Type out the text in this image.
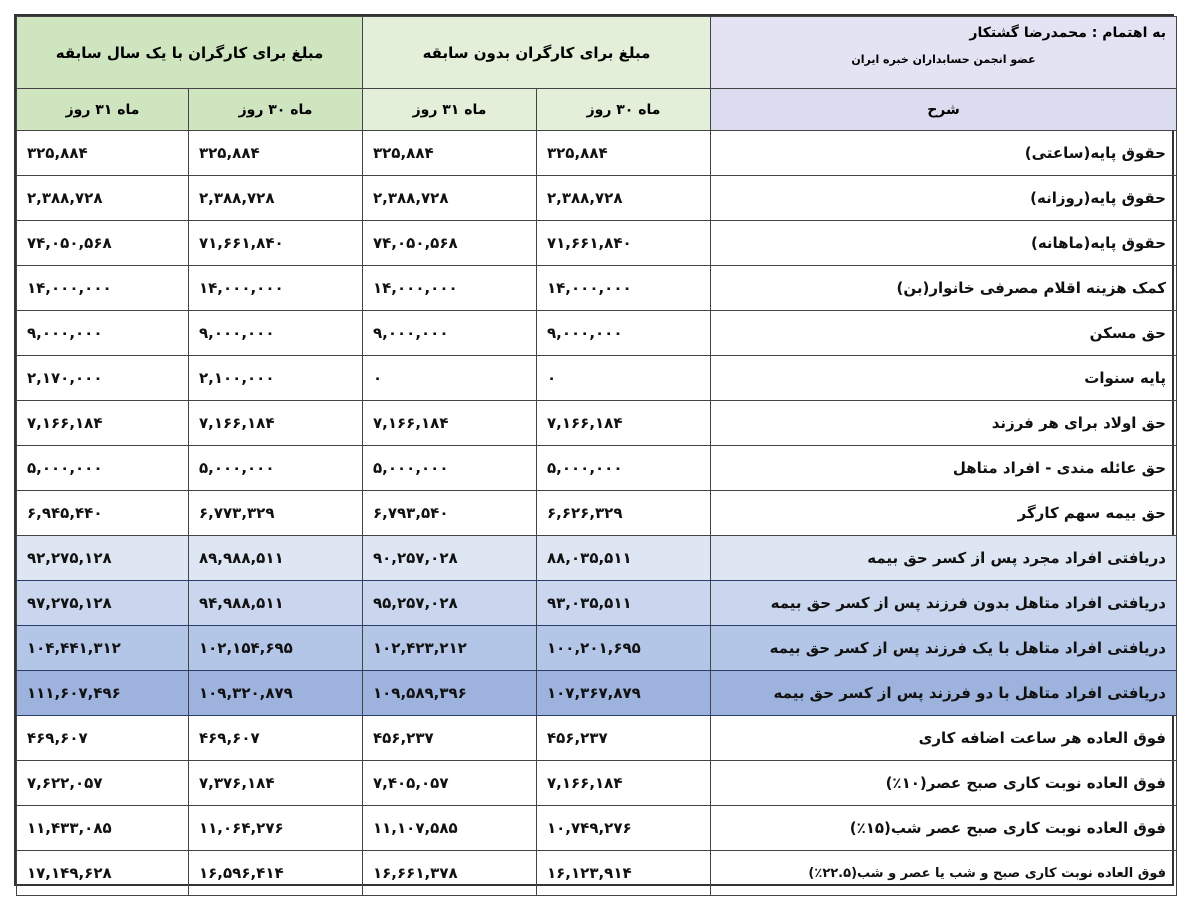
مبلغ برای کارگران با یک سال سابقه		مبلغ برای کارگران بدون سابقه		به اهتمام : محمدرضا گشتکار
عضو انجمن حسابداران خبره ایران

ماه ۳۱ روز	ماه ۳۰ روز	ماه ۳۱ روز	ماه ۳۰ روز	شرح
۳۲۵,۸۸۴	۳۲۵,۸۸۴	۳۲۵,۸۸۴	۳۲۵,۸۸۴	حقوق پایه(ساعتی)
۲,۳۸۸,۷۲۸	۲,۳۸۸,۷۲۸	۲,۳۸۸,۷۲۸	۲,۳۸۸,۷۲۸	حقوق پایه(روزانه)
۷۴,۰۵۰,۵۶۸	۷۱,۶۶۱,۸۴۰	۷۴,۰۵۰,۵۶۸	۷۱,۶۶۱,۸۴۰	حقوق پایه(ماهانه)
۱۴,۰۰۰,۰۰۰	۱۴,۰۰۰,۰۰۰	۱۴,۰۰۰,۰۰۰	۱۴,۰۰۰,۰۰۰	کمک هزینه اقلام مصرفی خانوار(بن)
۹,۰۰۰,۰۰۰	۹,۰۰۰,۰۰۰	۹,۰۰۰,۰۰۰	۹,۰۰۰,۰۰۰	حق مسکن
۲,۱۷۰,۰۰۰	۲,۱۰۰,۰۰۰	۰	۰	پایه سنوات
۷,۱۶۶,۱۸۴	۷,۱۶۶,۱۸۴	۷,۱۶۶,۱۸۴	۷,۱۶۶,۱۸۴	حق اولاد برای هر فرزند
۵,۰۰۰,۰۰۰	۵,۰۰۰,۰۰۰	۵,۰۰۰,۰۰۰	۵,۰۰۰,۰۰۰	حق عائله مندی - افراد متاهل
۶,۹۴۵,۴۴۰	۶,۷۷۳,۳۲۹	۶,۷۹۳,۵۴۰	۶,۶۲۶,۳۲۹	حق بیمه سهم کارگر
۹۲,۲۷۵,۱۲۸	۸۹,۹۸۸,۵۱۱	۹۰,۲۵۷,۰۲۸	۸۸,۰۳۵,۵۱۱	دریافتی افراد مجرد پس از کسر حق بیمه
۹۷,۲۷۵,۱۲۸	۹۴,۹۸۸,۵۱۱	۹۵,۲۵۷,۰۲۸	۹۳,۰۳۵,۵۱۱	دریافتی افراد متاهل بدون فرزند پس از کسر حق بیمه
۱۰۴,۴۴۱,۳۱۲	۱۰۲,۱۵۴,۶۹۵	۱۰۲,۴۲۳,۲۱۲	۱۰۰,۲۰۱,۶۹۵	دریافتی افراد متاهل با یک فرزند پس از کسر حق بیمه
۱۱۱,۶۰۷,۴۹۶	۱۰۹,۳۲۰,۸۷۹	۱۰۹,۵۸۹,۳۹۶	۱۰۷,۳۶۷,۸۷۹	دریافتی افراد متاهل با دو فرزند پس از کسر حق بیمه
۴۶۹,۶۰۷	۴۶۹,۶۰۷	۴۵۶,۲۳۷	۴۵۶,۲۳۷	فوق العاده هر ساعت اضافه کاری
۷,۶۲۲,۰۵۷	۷,۳۷۶,۱۸۴	۷,۴۰۵,۰۵۷	۷,۱۶۶,۱۸۴	فوق العاده نوبت کاری صبح عصر(۱۰٪)
۱۱,۴۳۳,۰۸۵	۱۱,۰۶۴,۲۷۶	۱۱,۱۰۷,۵۸۵	۱۰,۷۴۹,۲۷۶	فوق العاده نوبت کاری صبح عصر شب(۱۵٪)
۱۷,۱۴۹,۶۲۸	۱۶,۵۹۶,۴۱۴	۱۶,۶۶۱,۳۷۸	۱۶,۱۲۳,۹۱۴	فوق العاده نوبت کاری صبح و شب یا عصر و شب(۲۲.۵٪)
